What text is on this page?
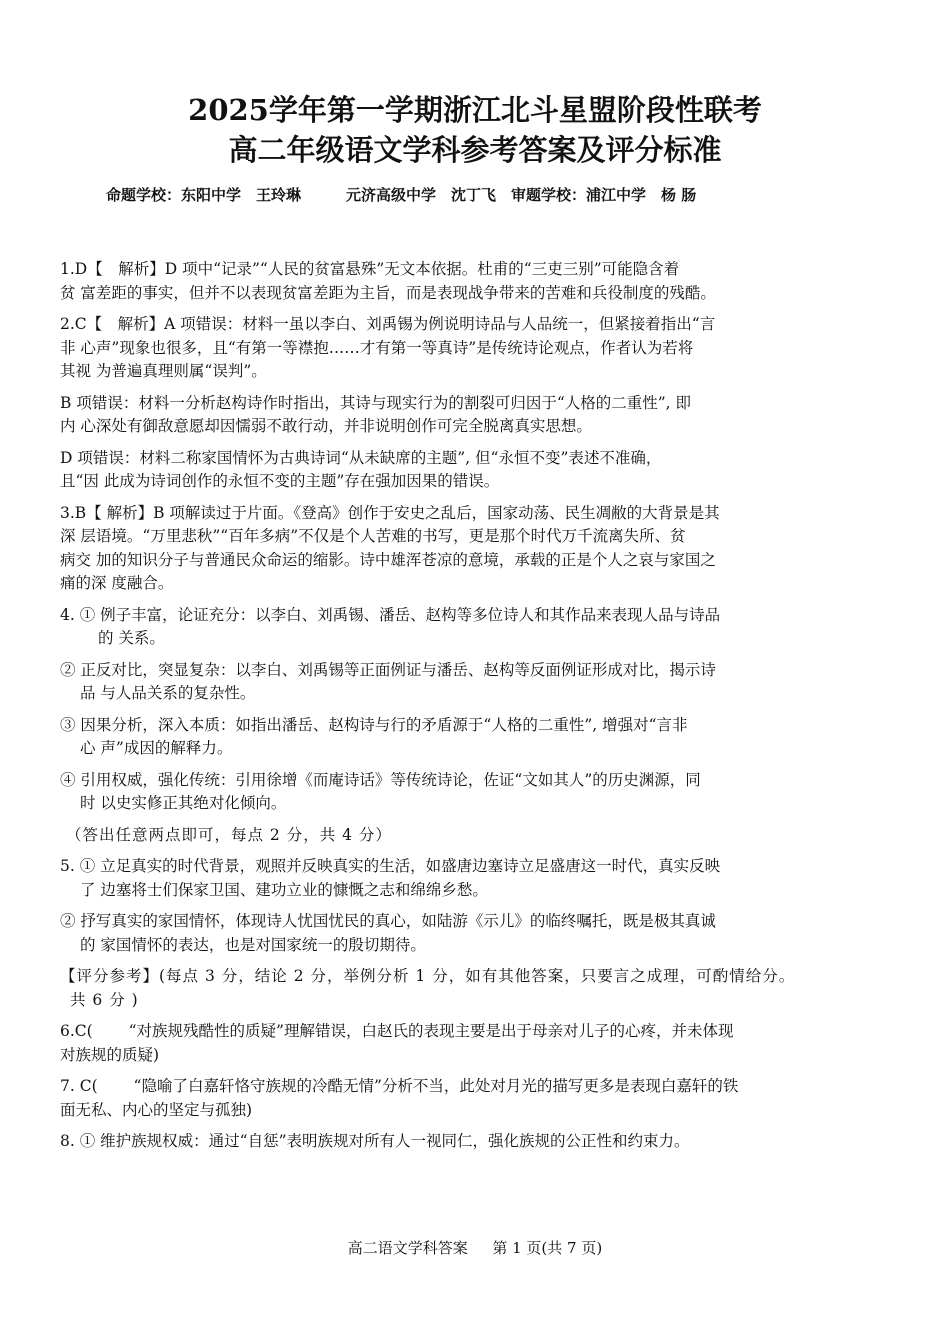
2025学年第一学期浙江北斗星盟阶段性联考
高二年级语文学科参考答案及评分标准
命题学校：东阳中学　王玲琳　　　元济高级中学　沈丁飞　审题学校：浦江中学　杨 肠

1.D【　解析】D 项中“记录”“人民的贫富悬殊”无文本依据。杜甫的“三吏三别”可能隐含着
贫 富差距的事实，但并不以表现贫富差距为主旨，而是表现战争带来的苦难和兵役制度的残酷。

2.C【　解析】A 项错误：材料一虽以李白、刘禹锡为例说明诗品与人品统一，但紧接着指出“言
非 心声”现象也很多，且“有第一等襟抱……才有第一等真诗”是传统诗论观点，作者认为若将
其视 为普遍真理则属“误判”。

B 项错误：材料一分析赵构诗作时指出，其诗与现实行为的割裂可归因于“人格的二重性”, 即
内 心深处有御敌意愿却因懦弱不敢行动，并非说明创作可完全脱离真实思想。

D 项错误：材料二称家国情怀为古典诗词“从未缺席的主题”, 但“永恒不变”表述不准确，
且“因 此成为诗词创作的永恒不变的主题”存在强加因果的错误。

3.B【 解析】B 项解读过于片面。《登高》创作于安史之乱后，国家动荡、民生凋敝的大背景是其
深 层语境。“万里悲秋”“百年多病”不仅是个人苦难的书写，更是那个时代万千流离失所、贫
病交 加的知识分子与普通民众命运的缩影。诗中雄浑苍凉的意境，承载的正是个人之哀与家国之
痛的深 度融合。

4. ① 例子丰富，论证充分：以李白、刘禹锡、潘岳、赵构等多位诗人和其作品来表现人品与诗品
的 关系。

② 正反对比，突显复杂：以李白、刘禹锡等正面例证与潘岳、赵构等反面例证形成对比，揭示诗
品 与人品关系的复杂性。

③ 因果分析，深入本质：如指出潘岳、赵构诗与行的矛盾源于“人格的二重性”, 增强对“言非
心 声”成因的解释力。

④ 引用权威，强化传统：引用徐增《而庵诗话》等传统诗论，佐证“文如其人”的历史渊源，同
时 以史实修正其绝对化倾向。

（答出任意两点即可，每点 2 分，共 4 分）

5. ① 立足真实的时代背景，观照并反映真实的生活，如盛唐边塞诗立足盛唐这一时代，真实反映
了 边塞将士们保家卫国、建功立业的慷慨之志和绵绵乡愁。

② 抒写真实的家国情怀，体现诗人忧国忧民的真心，如陆游《示儿》的临终嘱托，既是极其真诚
的 家国情怀的表达，也是对国家统一的殷切期待。

【评分参考】(每点 3 分，结论 2 分，举例分析 1 分，如有其他答案，只要言之成理，可酌情给分。
共 6 分 )

6.C(　　 “对族规残酷性的质疑”理解错误，白赵氏的表现主要是出于母亲对儿子的心疼，并未体现
对族规的质疑)

7. C(　　 “隐喻了白嘉轩恪守族规的冷酷无情”分析不当，此处对月光的描写更多是表现白嘉轩的铁
面无私、内心的坚定与孤独)

8. ① 维护族规权威：通过“自惩”表明族规对所有人一视同仁，强化族规的公正性和约束力。

高二语文学科答案　  第 1 页(共 7 页)
